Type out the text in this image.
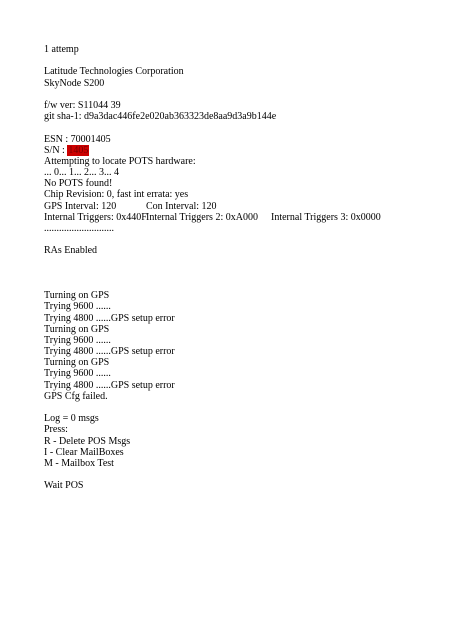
1 attemp
Latitude Technologies Corporation
SkyNode S200
f/w ver: S11044 39
git sha-1: d9a3dac446fe2e020ab363323de8aa9d3a9b144e
ESN : 70001405
S/N : 1405
Attempting to locate POTS hardware:
... 0... 1... 2... 3... 4
No POTS found!
Chip Revision: 0, fast int errata: yes
GPS Interval: 120	Con Interval: 120
Internal Triggers: 0x440FInternal Triggers 2: 0xA000 Internal Triggers 3: 0x0000
............................
RAs Enabled
Turning on GPS
Trying 9600 ......
Trying 4800 ......GPS setup error
Turning on GPS
Trying 9600 ......
Trying 4800 ......GPS setup error
Turning on GPS
Trying 9600 ......
Trying 4800 ......GPS setup error
GPS Cfg failed.
Log = 0 msgs
Press:
R - Delete POS Msgs
I - Clear MailBoxes
M - Mailbox Test
Wait POS
